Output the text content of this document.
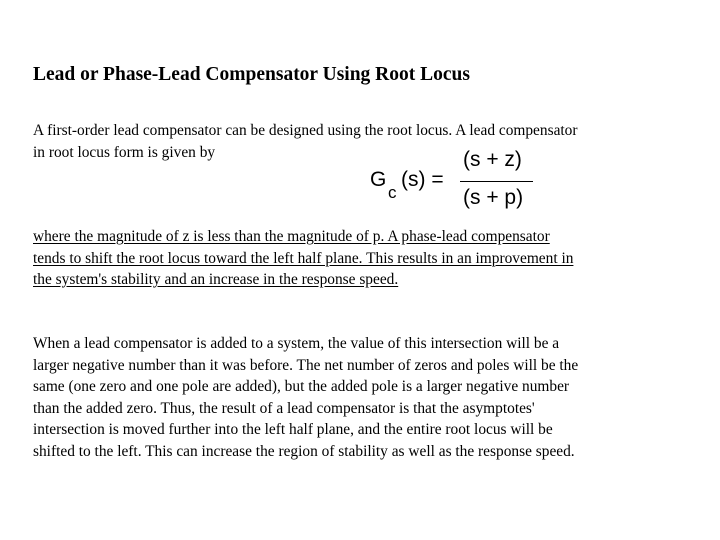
Lead or Phase-Lead Compensator Using Root Locus
A first-order lead compensator can be designed using the root locus. A lead compensator
in root locus form is given by
G
c
(s) =
(s + z)
(s + p)
where the magnitude of z is less than the magnitude of p. A phase-lead compensator
tends to shift the root locus toward the left half plane. This results in an improvement in
the system's stability and an increase in the response speed.
When a lead compensator is added to a system, the value of this intersection will be a
larger negative number than it was before. The net number of zeros and poles will be the
same (one zero and one pole are added), but the added pole is a larger negative number
than the added zero. Thus, the result of a lead compensator is that the asymptotes'
intersection is moved further into the left half plane, and the entire root locus will be
shifted to the left. This can increase the region of stability as well as the response speed.
